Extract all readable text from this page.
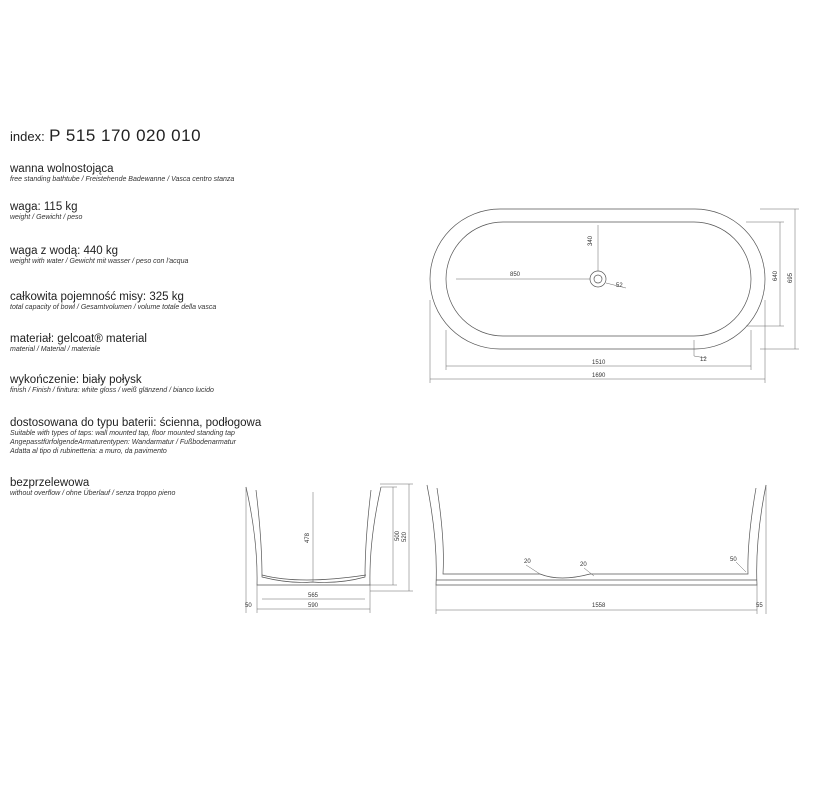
index: P 515 170 020 010
wanna wolnostojąca
free standing bathtube / Freistehende Badewanne / Vasca centro stanza
waga: 115 kg
weight / Gewicht / peso
waga z wodą: 440 kg
weight with water / Gewicht mit wasser / peso con l'acqua
całkowita pojemność misy: 325 kg
total capacity of bowl / Gesamtvolumen / volume totale della vasca
materiał: gelcoat® material
material / Material / materiale
wykończenie: biały połysk
finish / Finish / finitura: white gloss / weiß glänzend / bianco lucido
dostosowana do typu baterii: ścienna, podłogowa
Suitable with types of taps: wall mounted tap, floor mounted standing tap
AngepasstfürfolgendeArmaturentypen: Wandarmatur / Fußbodenarmatur
Adatta al tipo di rubinetteria: a muro, da pavimento
bezprzelewowa
without overflow / ohne Überlauf / senza troppo pieno
850
340
52
640 695
12
1510
1690
478	500 520
565
590
50	1558	55
20	20
50
